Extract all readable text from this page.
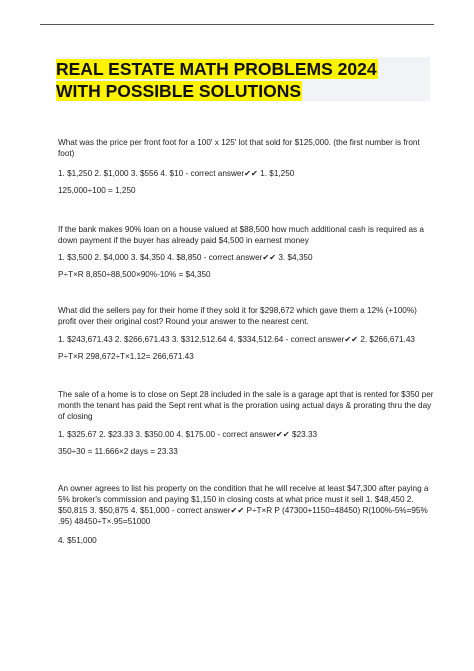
REAL ESTATE MATH PROBLEMS 2024
WITH POSSIBLE SOLUTIONS

What was the price per front foot for a 100' x 125' lot that sold for $125,000. (the first number is front foot)

1. $1,250 2. $1,000 3. $556 4. $10 - correct answer✔✔ 1. $1,250

125,000÷100 = 1,250

If the bank makes 90% loan on a house valued at $88,500 how much additional cash is required as a down payment if the buyer has already paid $4,500 in earnest money

1. $3,500 2. $4,000 3. $4,350 4. $8,850 - correct answer✔✔ 3. $4,350

P÷T×R 8,850÷88,500×90%-10% = $4,350

What did the sellers pay for their home if they sold it for $298,672 which gave them a 12% (+100%) profit over their original cost? Round your answer to the nearest cent.

1. $243,671.43 2. $266,671.43 3. $312,512.64 4. $334,512.64 - correct answer✔✔ 2. $266,671.43

P÷T×R 298,672÷T×1.12= 266,671.43

The sale of a home is to close on Sept 28 included in the sale is a garage apt that is rented for $350 per month the tenant has paid the Sept rent what is the proration using actual days & prorating thru the day of closing

1. $325.67 2. $23.33 3. $350.00 4. $175.00 - correct answer✔✔ $23.33

350÷30 = 11.666×2 days = 23.33

An owner agrees to list his property on the condition that he will receive at least $47,300 after paying a 5% broker's commission and paying $1,150 in closing costs at what price must it sell 1. $48,450 2. $50,815 3. $50,875 4. $51,000 - correct answer✔✔ P÷T×R P (47300+1150=48450) R(100%-5%=95% .95) 48450÷T×.95=51000

4. $51,000
